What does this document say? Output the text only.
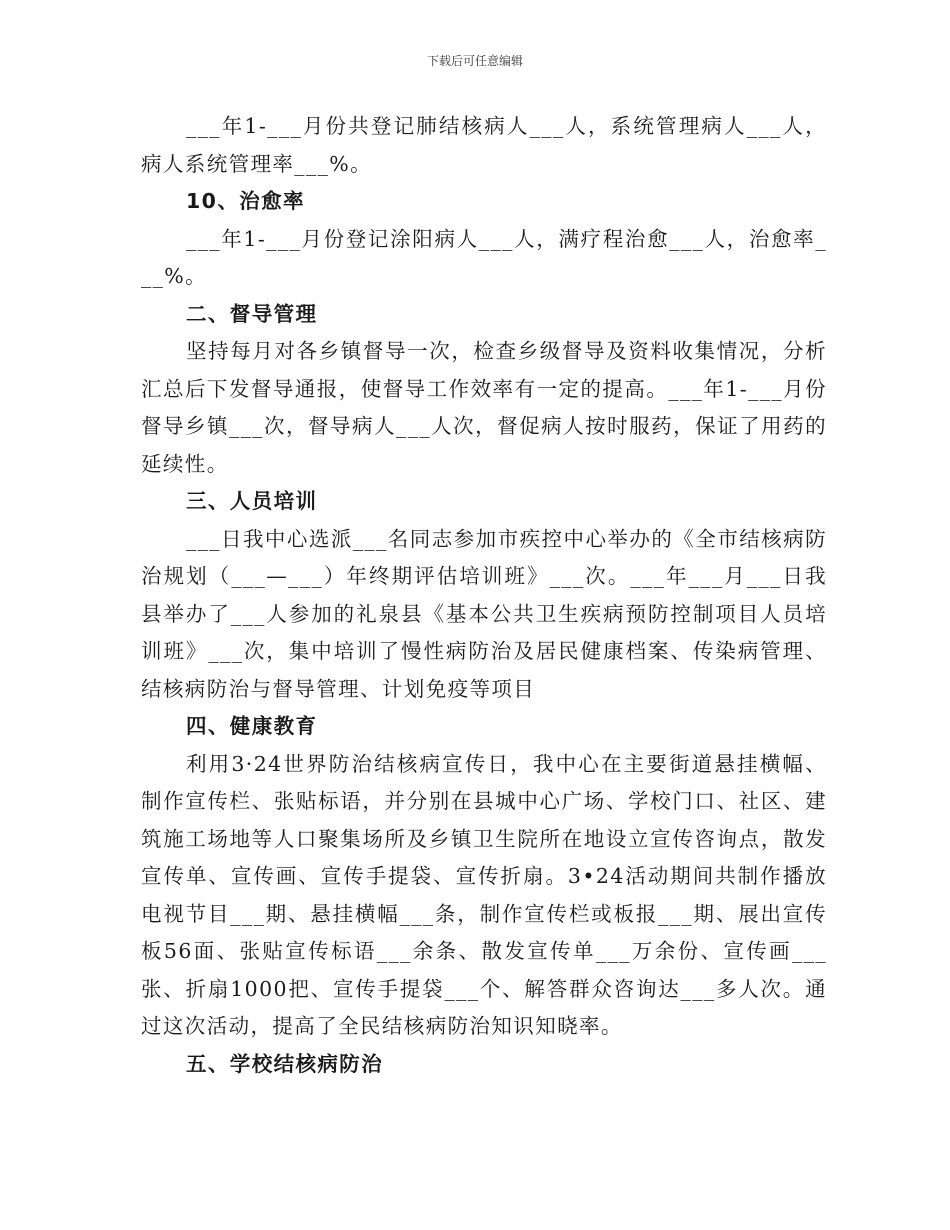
下载后可任意编辑

___年1-___月份共登记肺结核病人___人，系统管理病人___人，病人系统管理率___%。

10、治愈率

___年1-___月份登记涂阳病人___人，满疗程治愈___人，治愈率___%。

二、督导管理

坚持每月对各乡镇督导一次，检查乡级督导及资料收集情况，分析汇总后下发督导通报，使督导工作效率有一定的提高。___年1-___月份督导乡镇___次，督导病人___人次，督促病人按时服药，保证了用药的延续性。

三、人员培训

___日我中心选派___名同志参加市疾控中心举办的《全市结核病防治规划（___—___）年终期评估培训班》___次。___年___月___日我县举办了___人参加的礼泉县《基本公共卫生疾病预防控制项目人员培训班》___次，集中培训了慢性病防治及居民健康档案、传染病管理、结核病防治与督导管理、计划免疫等项目

四、健康教育

利用3·24世界防治结核病宣传日，我中心在主要街道悬挂横幅、制作宣传栏、张贴标语，并分别在县城中心广场、学校门口、社区、建筑施工场地等人口聚集场所及乡镇卫生院所在地设立宣传咨询点，散发宣传单、宣传画、宣传手提袋、宣传折扇。3•24活动期间共制作播放电视节目___期、悬挂横幅___条，制作宣传栏或板报___期、展出宣传板56面、张贴宣传标语___余条、散发宣传单___万余份、宣传画___张、折扇1000把、宣传手提袋___个、解答群众咨询达___多人次。通过这次活动，提高了全民结核病防治知识知晓率。

五、学校结核病防治
